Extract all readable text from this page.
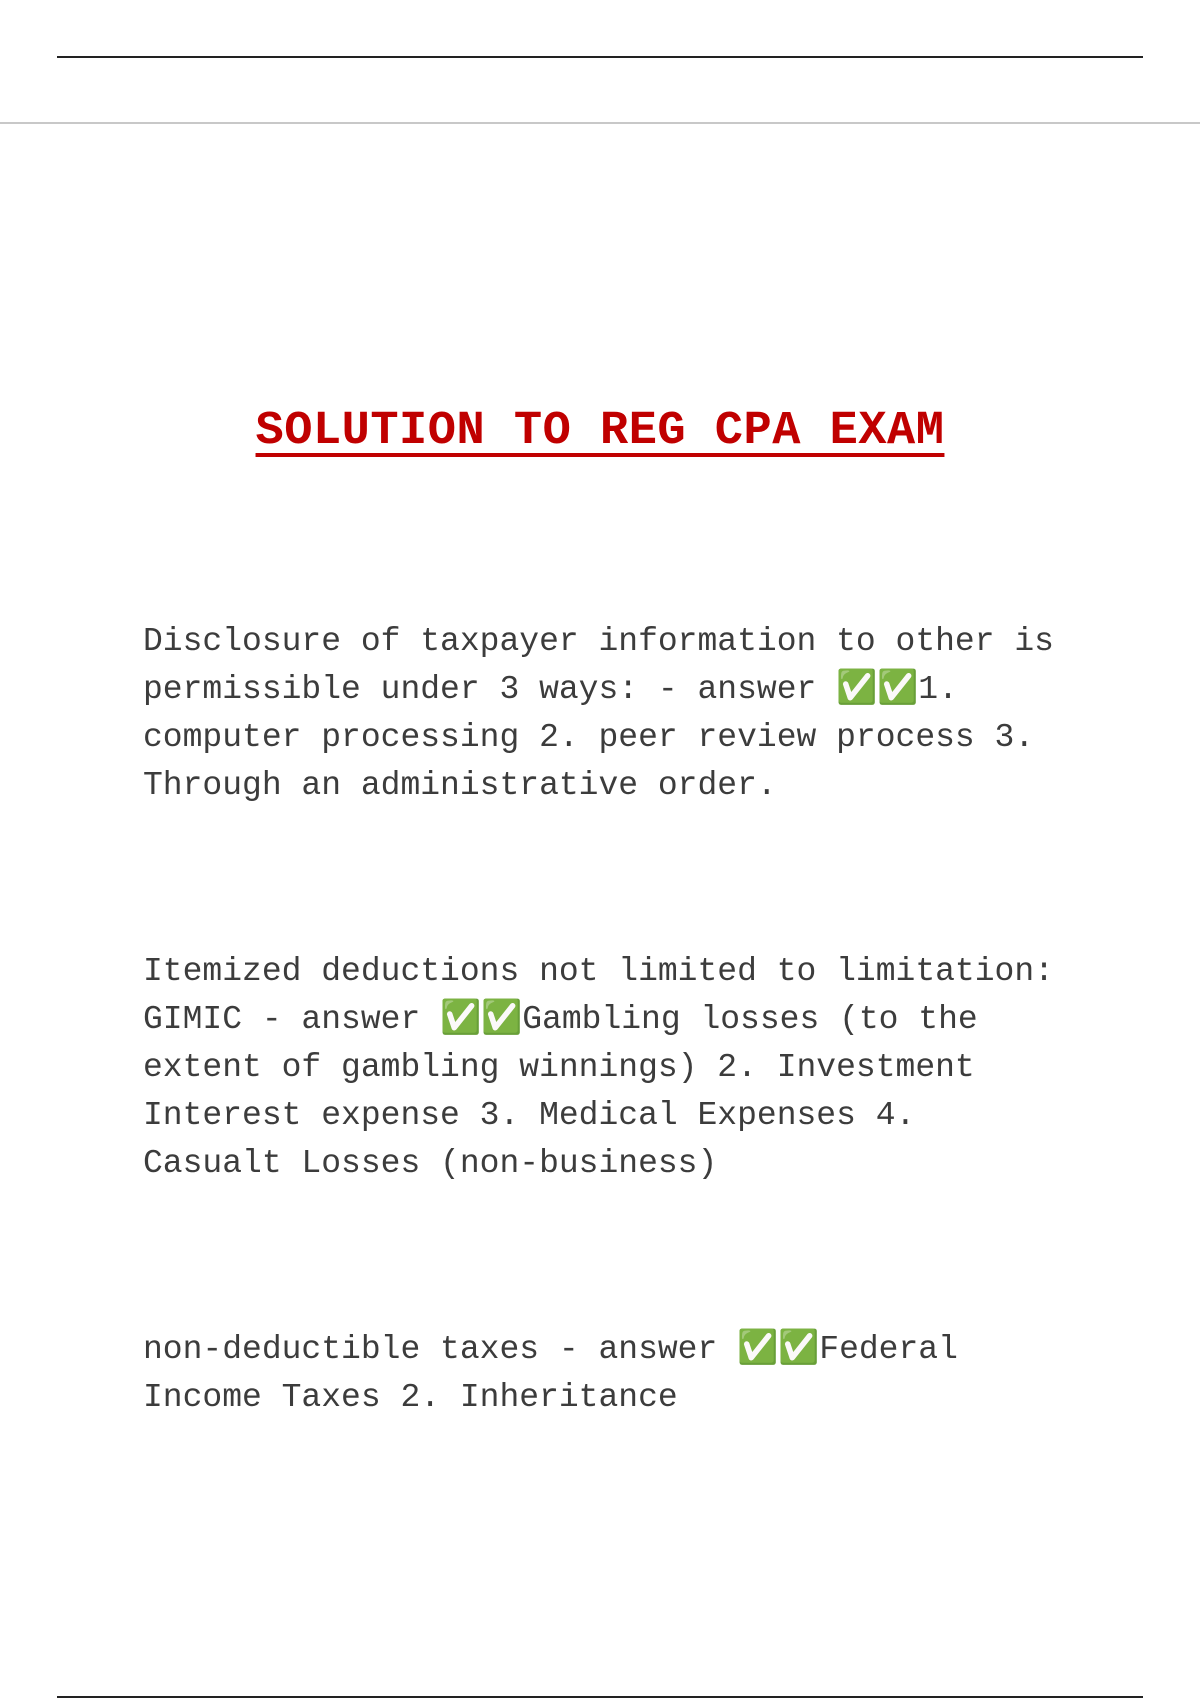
SOLUTION TO REG CPA EXAM

Disclosure of taxpayer information to other is permissible under 3 ways: - answer ✅✅1. computer processing 2. peer review process 3. Through an administrative order.

Itemized deductions not limited to limitation: GIMIC - answer ✅✅Gambling losses (to the extent of gambling winnings) 2. Investment Interest expense 3. Medical Expenses 4. Casualt Losses (non-business)

non-deductible taxes - answer ✅✅Federal Income Taxes 2. Inheritance
